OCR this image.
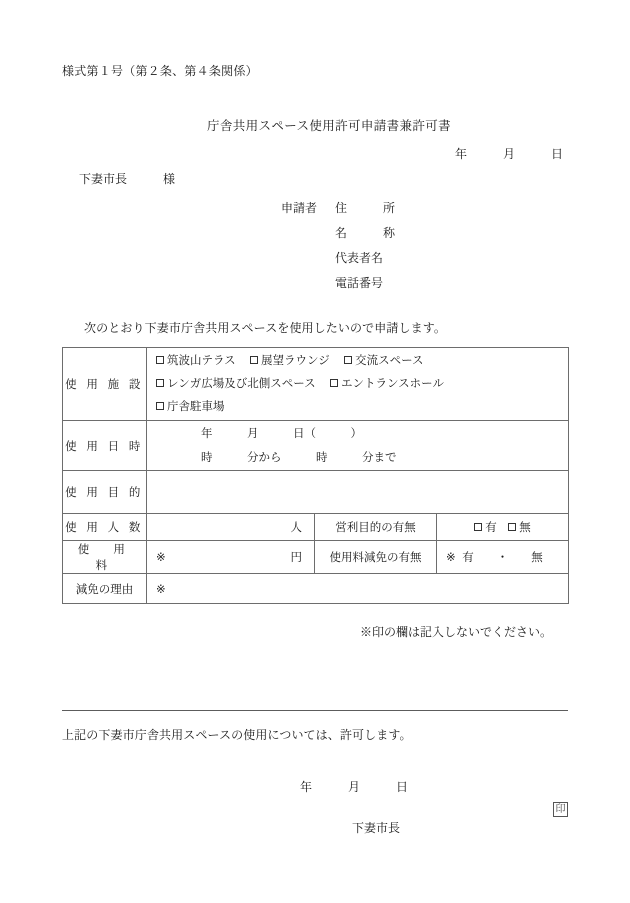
様式第１号（第２条、第４条関係）
庁舎共用スペース使用許可申請書兼許可書
年　　　月　　　日
下妻市長　　　様
申請者 住　　　所
名　　　称
代表者名
電話番号
次のとおり下妻市庁舎共用スペースを使用したいので申請します。
使 用 施 設	筑波山テラス 展望ラウンジ 交流スペース
レンガ広場及び北側スペース エントランスホール
庁舎駐車場		

使 用 日 時	年　　　月　　　日（　　　）
時　　　分から　　　時　　　分まで		

使 用 目 的			

使 用 人 数	人	営利目的の有無	有 無

使　用　料	※ 円	使用料減免の有無	※ 有　　・　　無

減免の理由	※		
※印の欄は記入しないでください。
上記の下妻市庁舎共用スペースの使用については、許可します。
年　　　月　　　日

下妻市長

印
